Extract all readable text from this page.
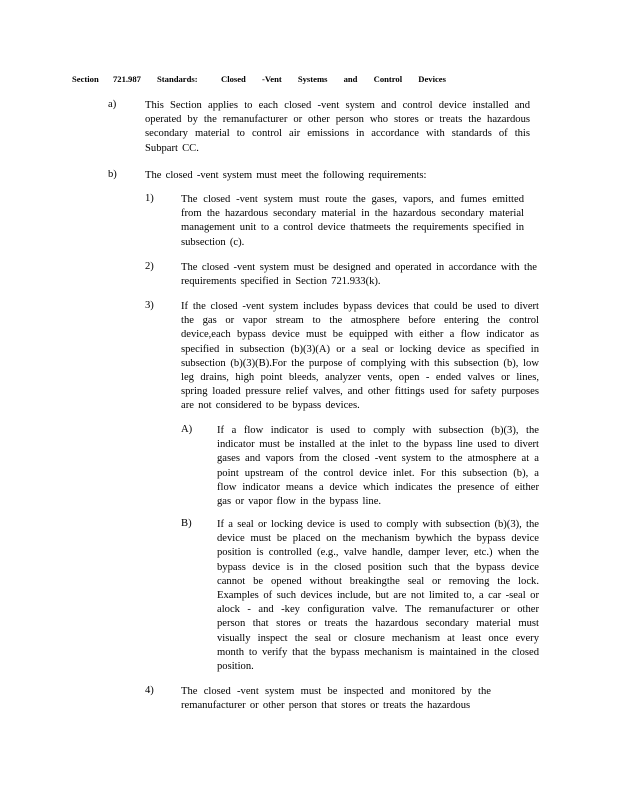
Section 721.987 Standards:	Closed -Vent Systems and Control Devices
a)	This Section applies to each closed -vent system and control device installed and operated by the remanufacturer or other person who stores or treats the hazardous secondary material to control air emissions in accordance with standards of this Subpart CC.
b)	The closed -vent system must meet the following requirements:
1)	The closed -vent system must route the gases, vapors, and fumes emitted from the hazardous secondary material in the hazardous secondary material management unit to a control device thatmeets the requirements specified in subsection (c).
2)	The closed -vent system must be designed and operated in accordance with the requirements specified in Section 721.933(k).
3)	If the closed -vent system includes bypass devices that could be used to divert the gas or vapor stream to the atmosphere before entering the control device,each bypass device must be equipped with either a flow indicator as specified in subsection (b)(3)(A) or a seal or locking device as specified in subsection (b)(3)(B).For the purpose of complying with this subsection (b), low leg drains, high point bleeds, analyzer vents, open - ended valves or lines, spring loaded pressure relief valves, and other fittings used for safety purposes are not considered to be bypass devices.
A) If a flow indicator is used to comply with subsection (b)(3), the indicator must be installed at the inlet to the bypass line used to divert gases and vapors from the closed -vent system to the atmosphere at a point upstream of the control device inlet. For this subsection (b), a flow indicator means a device which indicates the presence of either gas or vapor flow in the bypass line.
B) If a seal or locking device is used to comply with subsection (b)(3), the device must be placed on the mechanism bywhich the bypass device position is controlled (e.g., valve handle, damper lever, etc.) when the bypass device is in the closed position such that the bypass device cannot be opened without breakingthe seal or removing the lock. Examples of such devices include, but are not limited to, a car -seal or alock - and -key configuration valve. The remanufacturer or other person that stores or treats the hazardous secondary material must visually inspect the seal or closure mechanism at least once every month to verify that the bypass mechanism is maintained in the closed position.
4)	The closed -vent system must be inspected and monitored by the remanufacturer or other person that stores or treats the hazardous
